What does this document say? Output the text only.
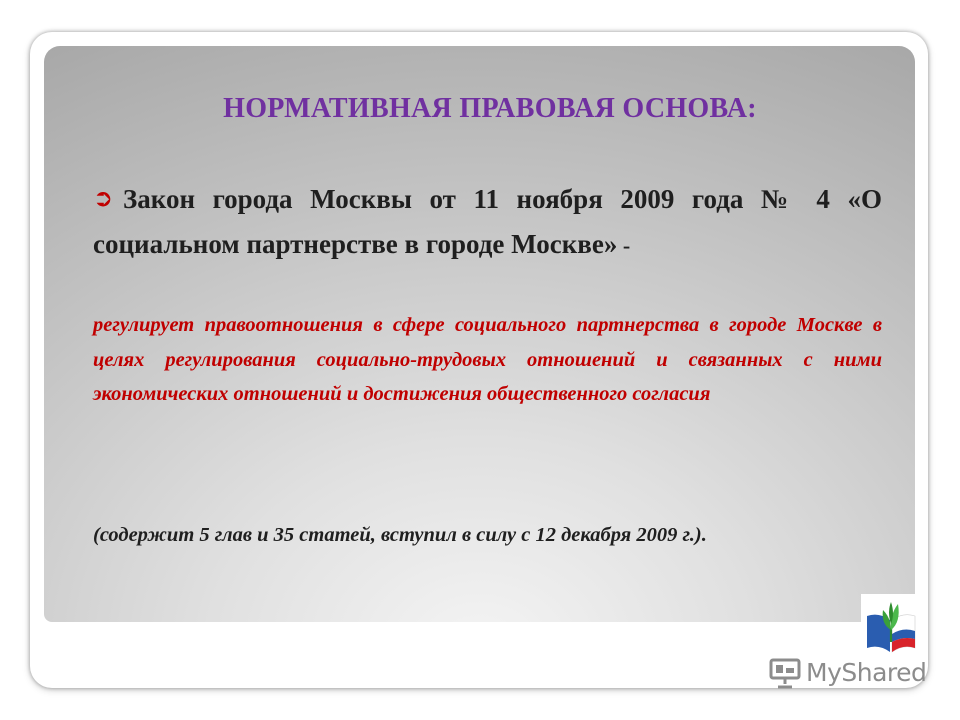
НОРМАТИВНАЯ ПРАВОВАЯ ОСНОВА:
➲ Закон города Москвы от 11 ноября 2009 года № 4 «О социальном партнерстве в городе Москве» -
регулирует правоотношения в сфере социального партнерства в городе Москве в целях регулирования социально-трудовых отношений и связанных с ними экономических отношений и достижения общественного согласия
(содержит 5 глав и 35 статей, вступил в силу с 12 декабря 2009 г.).
MyShared
